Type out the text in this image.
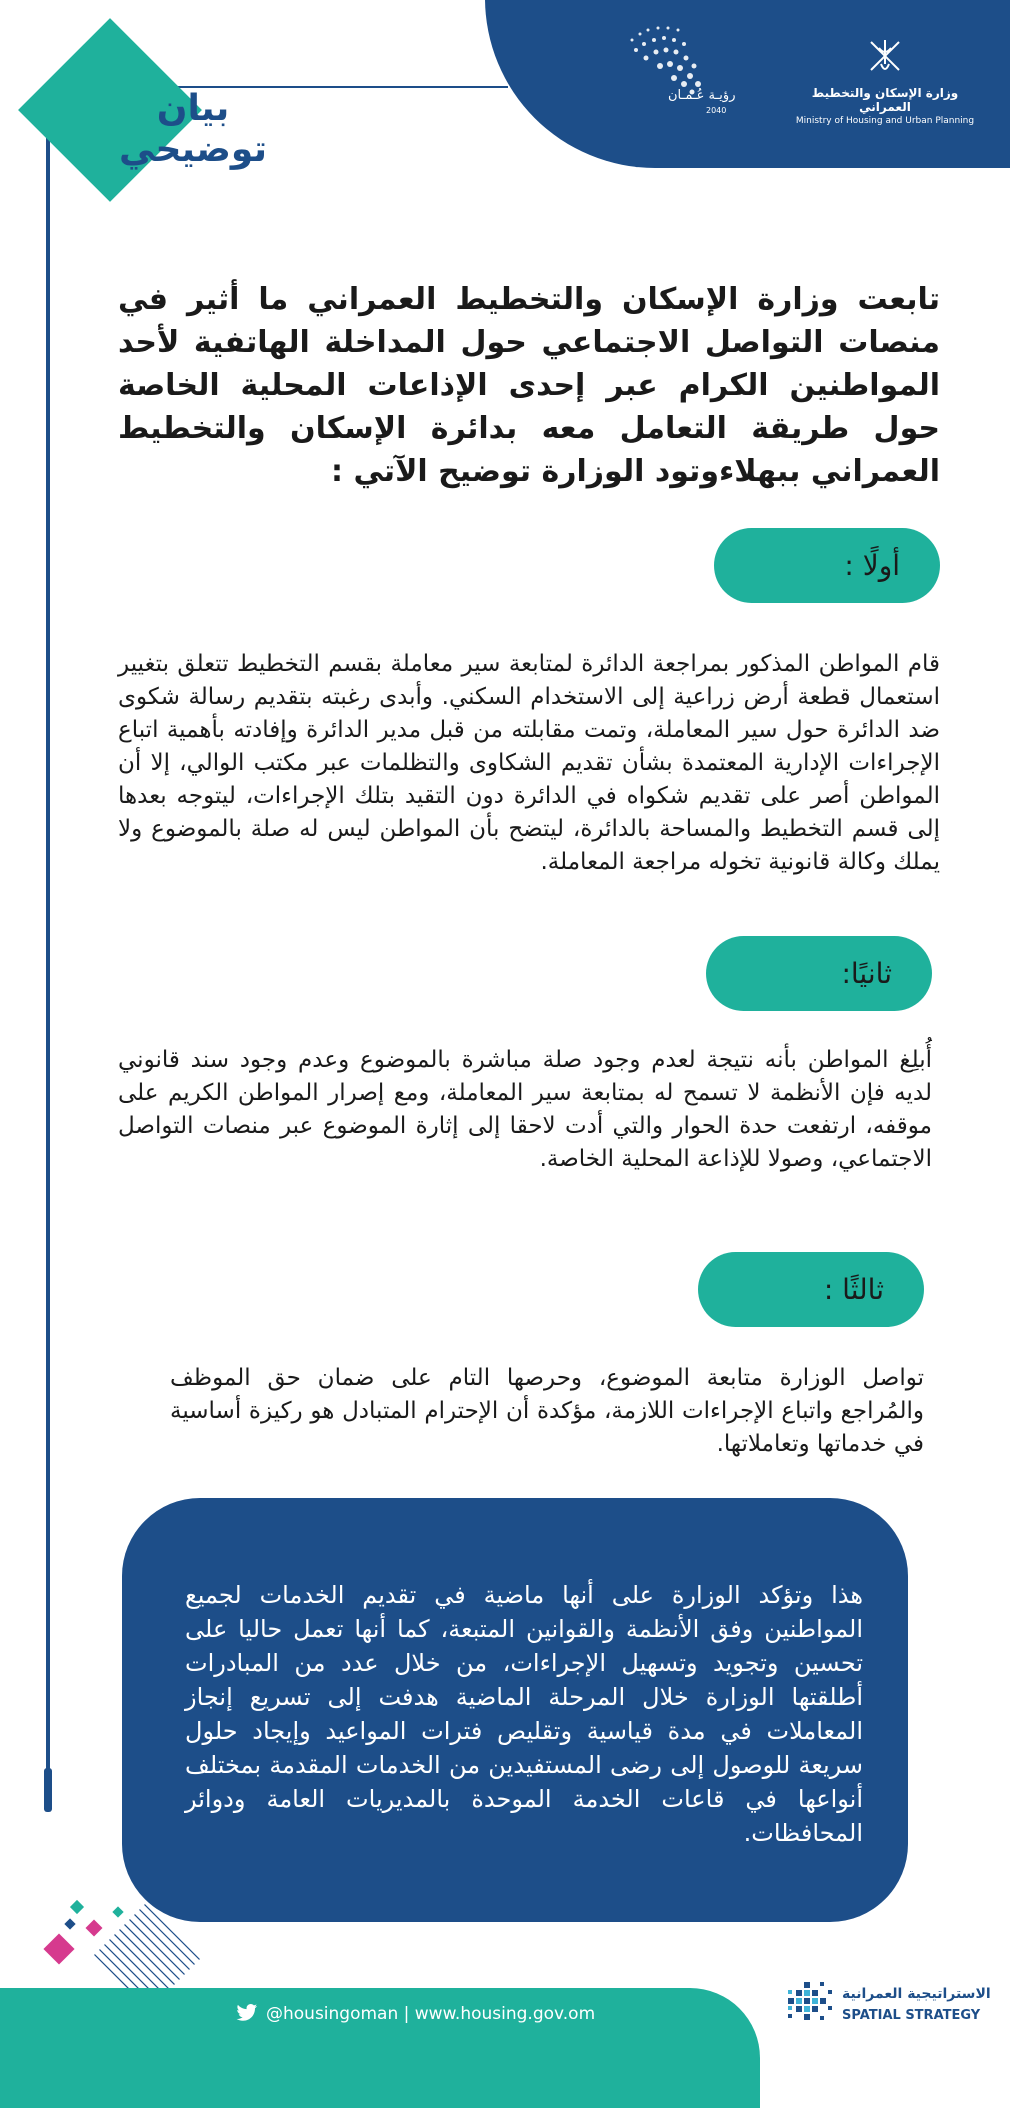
وزارة الإسكان والتخطيط العمراني
Ministry of Housing and Urban Planning
رؤيـة عُـمـان
2040
بيان توضيحي
تابعت وزارة الإسكان والتخطيط العمراني ما أثير في منصات التواصل الاجتماعي حول المداخلة الهاتفية لأحد المواطنين الكرام عبر إحدى الإذاعات المحلية الخاصة حول طريقة التعامل معه بدائرة الإسكان والتخطيط العمراني ببهلاءوتود الوزارة توضيح الآتي :
أولًا :
قام المواطن المذكور بمراجعة الدائرة لمتابعة سير معاملة بقسم التخطيط تتعلق بتغيير استعمال قطعة أرض زراعية إلى الاستخدام السكني. وأبدى رغبته بتقديم رسالة شكوى ضد الدائرة حول سير المعاملة، وتمت مقابلته من قبل مدير الدائرة وإفادته بأهمية اتباع الإجراءات الإدارية المعتمدة بشأن تقديم الشكاوى والتظلمات عبر مكتب الوالي، إلا أن المواطن أصر على تقديم شكواه في الدائرة دون التقيد بتلك الإجراءات، ليتوجه بعدها إلى قسم التخطيط والمساحة بالدائرة، ليتضح بأن المواطن ليس له صلة بالموضوع ولا يملك وكالة قانونية تخوله مراجعة المعاملة.
ثانيًا:
أُبلِغ المواطن بأنه نتيجة لعدم وجود صلة مباشرة بالموضوع وعدم وجود سند قانوني لديه فإن الأنظمة لا تسمح له بمتابعة سير المعاملة، ومع إصرار المواطن الكريم على موقفه، ارتفعت حدة الحوار والتي أدت لاحقا إلى إثارة الموضوع عبر منصات التواصل الاجتماعي، وصولا للإذاعة المحلية الخاصة.
ثالثًا :
تواصل الوزارة متابعة الموضوع، وحرصها التام على ضمان حق الموظف والمُراجع واتباع الإجراءات اللازمة، مؤكدة أن الإحترام المتبادل هو ركيزة أساسية في خدماتها وتعاملاتها.
هذا وتؤكد الوزارة على أنها ماضية في تقديم الخدمات لجميع المواطنين وفق الأنظمة والقوانين المتبعة، كما أنها تعمل حاليا على تحسين وتجويد وتسهيل الإجراءات، من خلال عدد من المبادرات أطلقتها الوزارة خلال المرحلة الماضية هدفت إلى تسريع إنجاز المعاملات في مدة قياسية وتقليص فترات المواعيد وإيجاد حلول سريعة للوصول إلى رضى المستفيدين من الخدمات المقدمة بمختلف أنواعها في قاعات الخدمة الموحدة بالمديريات العامة ودوائر المحافظات.
@housingoman | www.housing.gov.om
الاستراتيجية العمرانية
SPATIAL STRATEGY
